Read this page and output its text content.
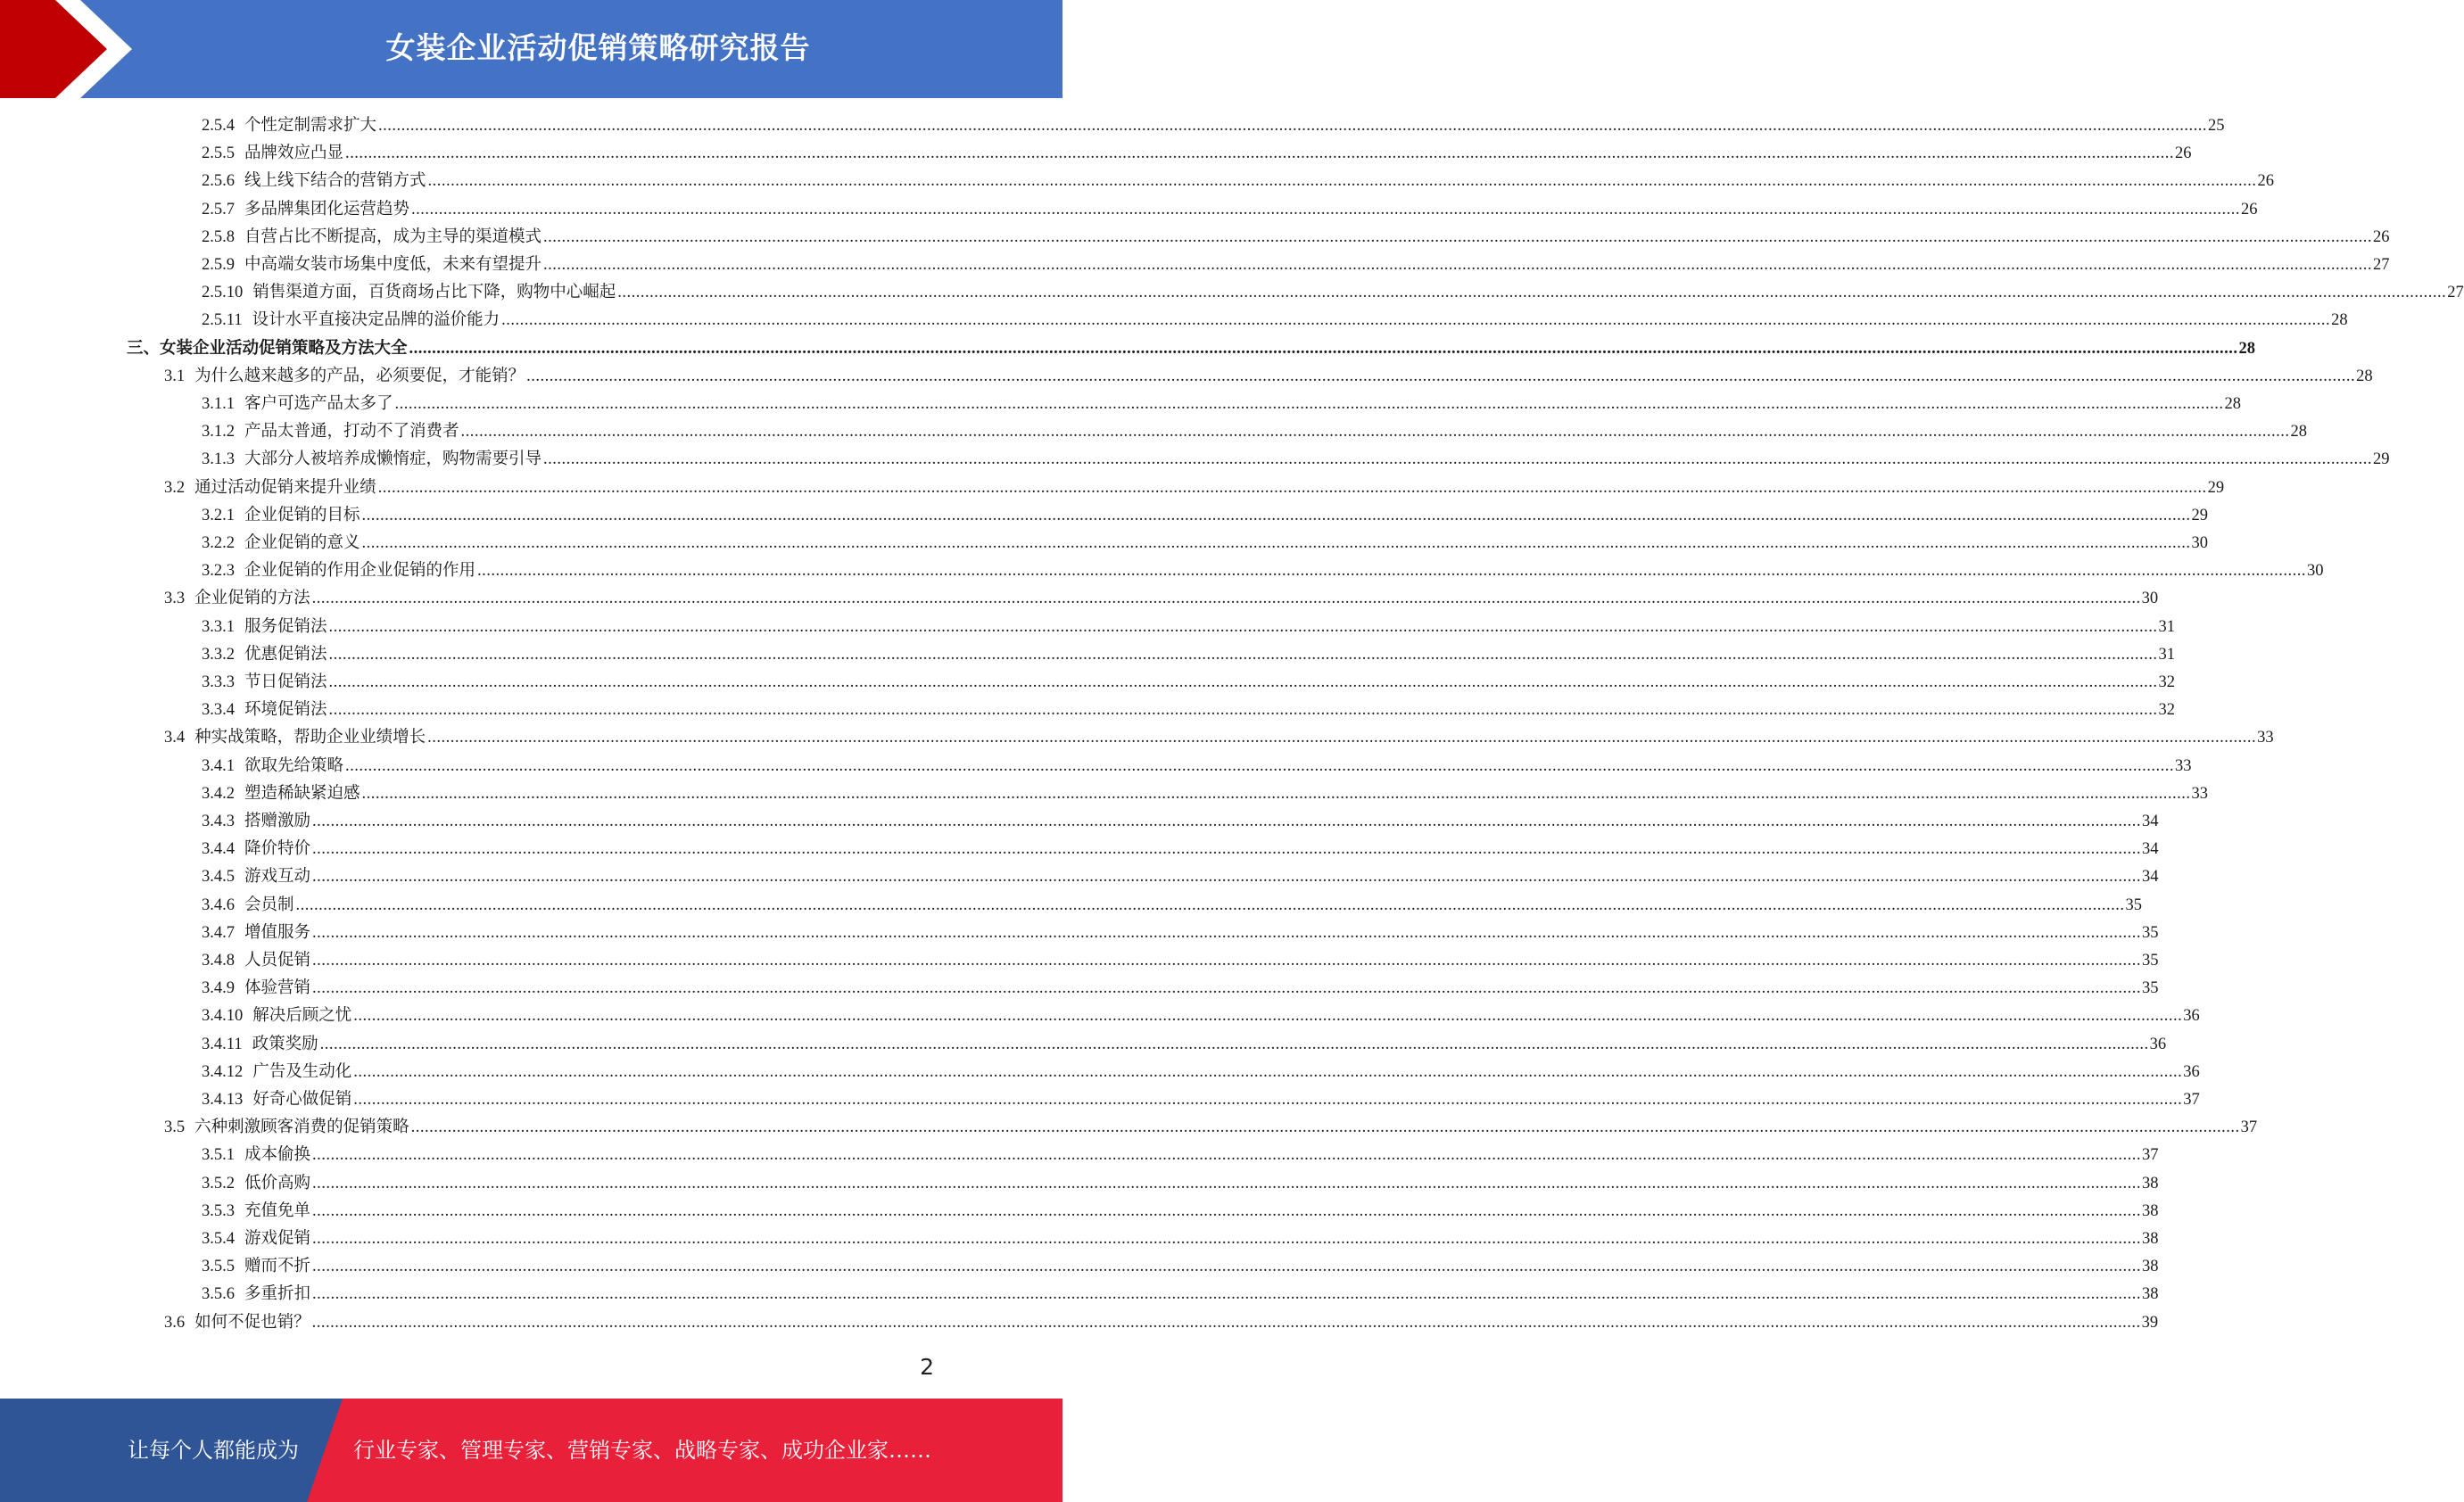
女装企业活动促销策略研究报告
2.5.4 个性定制需求扩大 ................................................................................................................................................................................................................................................................................................................................................................................................................ 25
2.5.5 品牌效应凸显 ................................................................................................................................................................................................................................................................................................................................................................................................................ 26
2.5.6 线上线下结合的营销方式 ................................................................................................................................................................................................................................................................................................................................................................................................................ 26
2.5.7 多品牌集团化运营趋势 ................................................................................................................................................................................................................................................................................................................................................................................................................ 26
2.5.8 自营占比不断提高，成为主导的渠道模式 ................................................................................................................................................................................................................................................................................................................................................................................................................ 26
2.5.9 中高端女装市场集中度低，未来有望提升 ................................................................................................................................................................................................................................................................................................................................................................................................................ 27
2.5.10 销售渠道方面，百货商场占比下降，购物中心崛起 ................................................................................................................................................................................................................................................................................................................................................................................................................ 27
2.5.11 设计水平直接决定品牌的溢价能力 ................................................................................................................................................................................................................................................................................................................................................................................................................ 28
三、女装企业活动促销策略及方法大全 ................................................................................................................................................................................................................................................................................................................................................................................................................ 28
3.1 为什么越来越多的产品，必须要促，才能销？ ................................................................................................................................................................................................................................................................................................................................................................................................................ 28
3.1.1 客户可选产品太多了 ................................................................................................................................................................................................................................................................................................................................................................................................................ 28
3.1.2 产品太普通，打动不了消费者 ................................................................................................................................................................................................................................................................................................................................................................................................................ 28
3.1.3 大部分人被培养成懒惰症，购物需要引导 ................................................................................................................................................................................................................................................................................................................................................................................................................ 29
3.2 通过活动促销来提升业绩 ................................................................................................................................................................................................................................................................................................................................................................................................................ 29
3.2.1 企业促销的目标 ................................................................................................................................................................................................................................................................................................................................................................................................................ 29
3.2.2 企业促销的意义 ................................................................................................................................................................................................................................................................................................................................................................................................................ 30
3.2.3 企业促销的作用企业促销的作用 ................................................................................................................................................................................................................................................................................................................................................................................................................ 30
3.3 企业促销的方法 ................................................................................................................................................................................................................................................................................................................................................................................................................ 30
3.3.1 服务促销法 ................................................................................................................................................................................................................................................................................................................................................................................................................ 31
3.3.2 优惠促销法 ................................................................................................................................................................................................................................................................................................................................................................................................................ 31
3.3.3 节日促销法 ................................................................................................................................................................................................................................................................................................................................................................................................................ 32
3.3.4 环境促销法 ................................................................................................................................................................................................................................................................................................................................................................................................................ 32
3.4 种实战策略，帮助企业业绩增长 ................................................................................................................................................................................................................................................................................................................................................................................................................ 33
3.4.1 欲取先给策略 ................................................................................................................................................................................................................................................................................................................................................................................................................ 33
3.4.2 塑造稀缺紧迫感 ................................................................................................................................................................................................................................................................................................................................................................................................................ 33
3.4.3 搭赠激励 ................................................................................................................................................................................................................................................................................................................................................................................................................ 34
3.4.4 降价特价 ................................................................................................................................................................................................................................................................................................................................................................................................................ 34
3.4.5 游戏互动 ................................................................................................................................................................................................................................................................................................................................................................................................................ 34
3.4.6 会员制 ................................................................................................................................................................................................................................................................................................................................................................................................................ 35
3.4.7 增值服务 ................................................................................................................................................................................................................................................................................................................................................................................................................ 35
3.4.8 人员促销 ................................................................................................................................................................................................................................................................................................................................................................................................................ 35
3.4.9 体验营销 ................................................................................................................................................................................................................................................................................................................................................................................................................ 35
3.4.10 解决后顾之忧 ................................................................................................................................................................................................................................................................................................................................................................................................................ 36
3.4.11 政策奖励 ................................................................................................................................................................................................................................................................................................................................................................................................................ 36
3.4.12 广告及生动化 ................................................................................................................................................................................................................................................................................................................................................................................................................ 36
3.4.13 好奇心做促销 ................................................................................................................................................................................................................................................................................................................................................................................................................ 37
3.5 六种刺激顾客消费的促销策略 ................................................................................................................................................................................................................................................................................................................................................................................................................ 37
3.5.1 成本偷换 ................................................................................................................................................................................................................................................................................................................................................................................................................ 37
3.5.2 低价高购 ................................................................................................................................................................................................................................................................................................................................................................................................................ 38
3.5.3 充值免单 ................................................................................................................................................................................................................................................................................................................................................................................................................ 38
3.5.4 游戏促销 ................................................................................................................................................................................................................................................................................................................................................................................................................ 38
3.5.5 赠而不折 ................................................................................................................................................................................................................................................................................................................................................................................................................ 38
3.5.6 多重折扣 ................................................................................................................................................................................................................................................................................................................................................................................................................ 38
3.6 如何不促也销？ ................................................................................................................................................................................................................................................................................................................................................................................................................ 39
2
让每个人都能成为	行业专家、管理专家、营销专家、战略专家、成功企业家……
